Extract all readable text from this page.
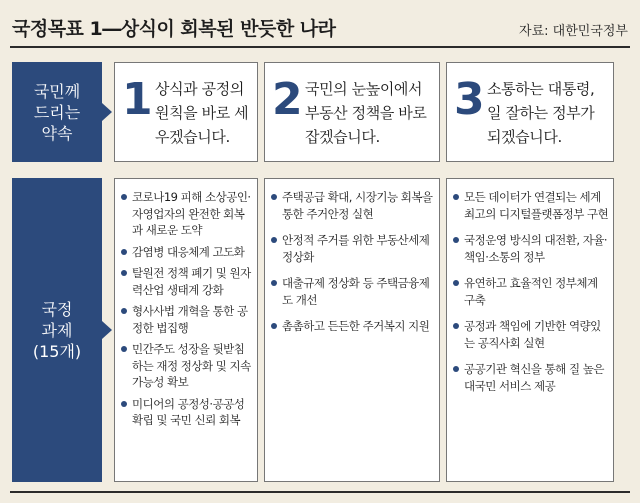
국정목표 1―상식이 회복된 반듯한 나라	자료: 대한민국정부
국민께
드리는
약속
국정
과제
(15개)
1 상식과 공정의 원칙을 바로 세우겠습니다.
2 국민의 눈높이에서 부동산 정책을 바로잡겠습니다.
3 소통하는 대통령, 일 잘하는 정부가 되겠습니다.
코로나19 피해 소상공인·자영업자의 완전한 회복과 새로운 도약
감염병 대응체계 고도화
탈원전 정책 폐기 및 원자력산업 생태계 강화
형사사법 개혁을 통한 공정한 법집행
민간주도 성장을 뒷받침하는 재정 정상화 및 지속가능성 확보
미디어의 공정성·공공성 확립 및 국민 신뢰 회복
주택공급 확대, 시장기능 회복을 통한 주거안정 실현
안정적 주거를 위한 부동산세제 정상화
대출규제 정상화 등 주택금융제도 개선
촘촘하고 든든한 주거복지 지원
모든 데이터가 연결되는 세계 최고의 디지털플랫폼정부 구현
국정운영 방식의 대전환, 자율·책임·소통의 정부
유연하고 효율적인 정부체계 구축
공정과 책임에 기반한 역량있는 공직사회 실현
공공기관 혁신을 통해 질 높은 대국민 서비스 제공
